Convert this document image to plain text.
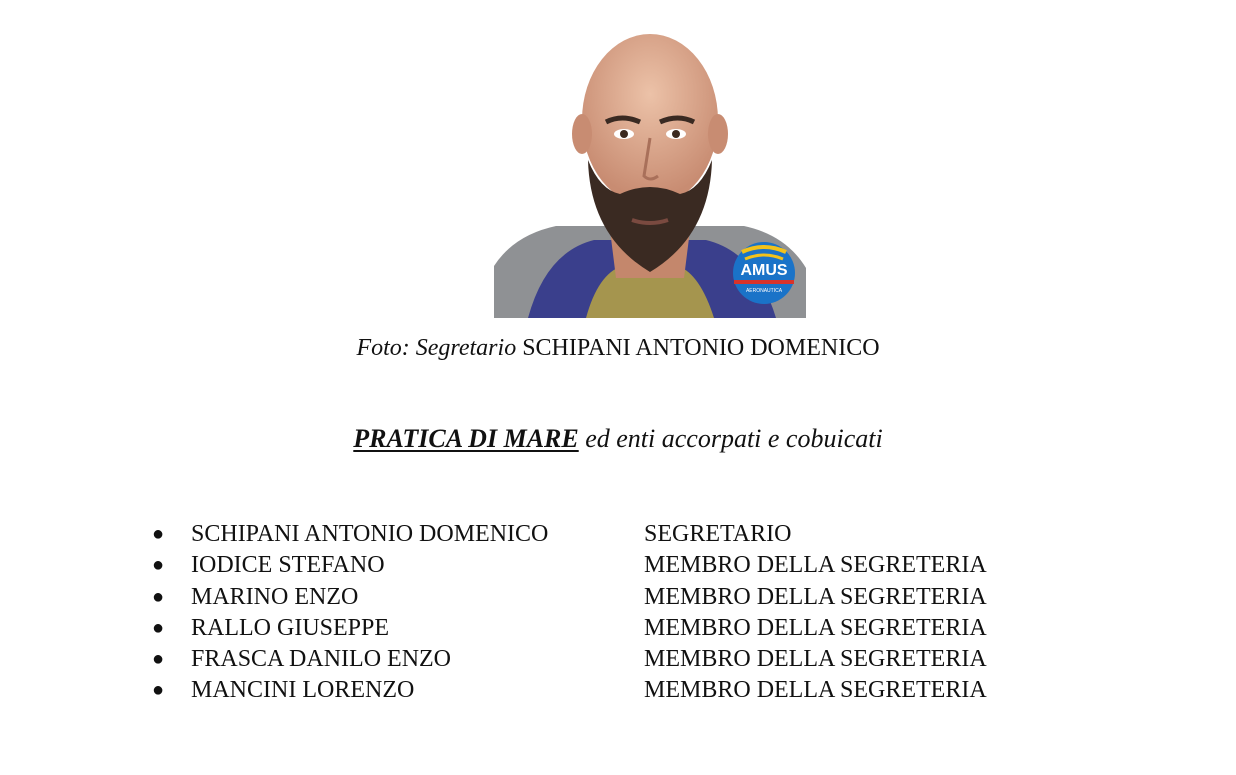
AMUS
AERONAUTICA
Foto: Segretario SCHIPANI ANTONIO DOMENICO
PRATICA DI MARE ed enti accorpati e cobuicati
● SCHIPANI ANTONIO DOMENICO	SEGRETARIO
● IODICE STEFANO	MEMBRO DELLA SEGRETERIA
● MARINO ENZO	MEMBRO DELLA SEGRETERIA
● RALLO GIUSEPPE	MEMBRO DELLA SEGRETERIA
● FRASCA DANILO ENZO	MEMBRO DELLA SEGRETERIA
● MANCINI LORENZO	MEMBRO DELLA SEGRETERIA
